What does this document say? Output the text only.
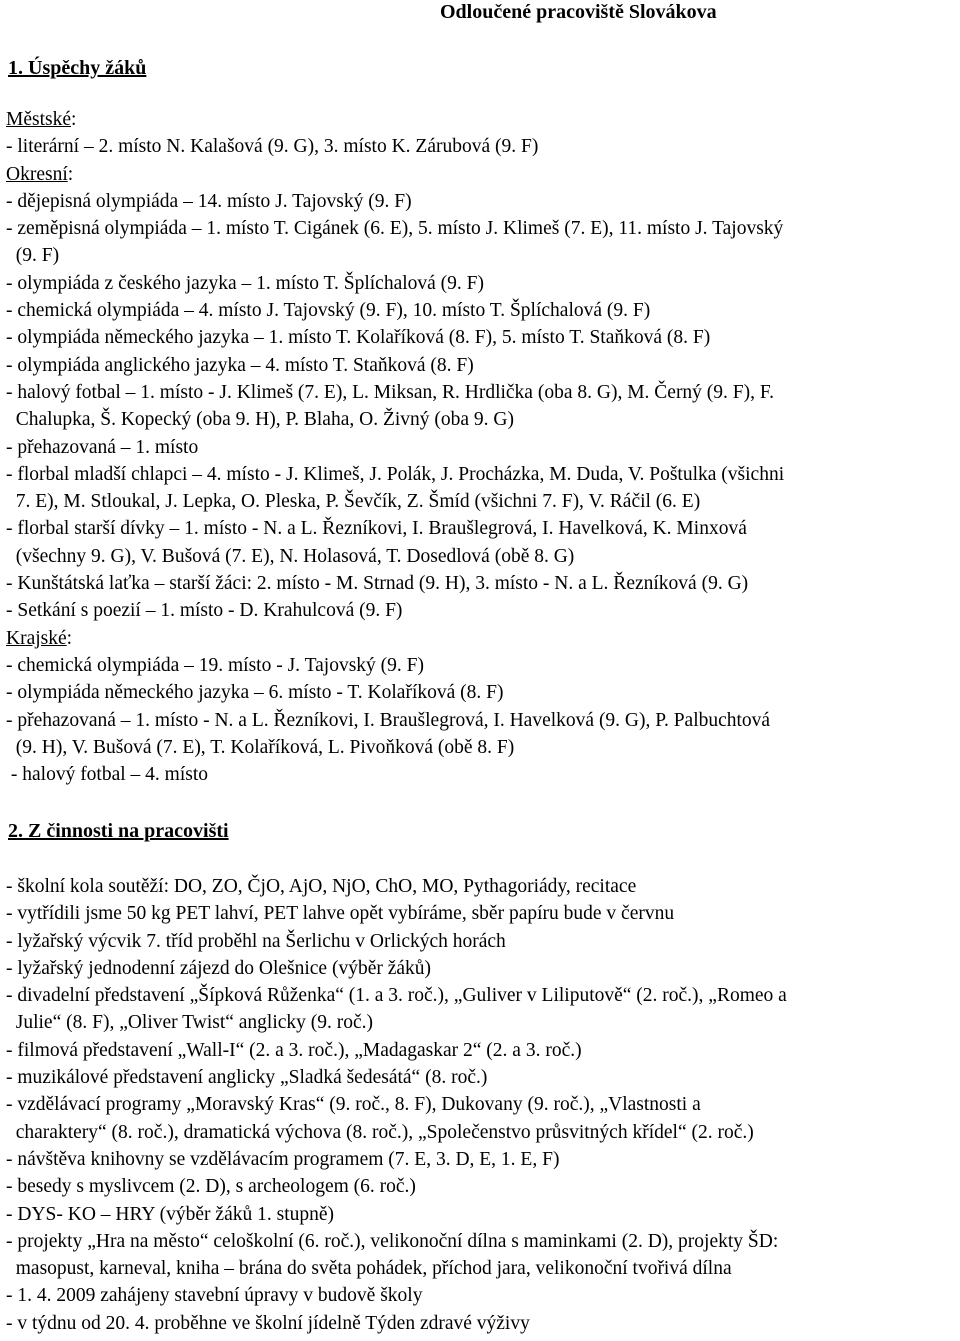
Odloučené pracoviště Slovákova
1. Úspěchy žáků
Městské:
- literární – 2. místo N. Kalašová (9. G), 3. místo K. Zárubová (9. F)
Okresní:
- dějepisná olympiáda – 14. místo J. Tajovský (9. F)
- zeměpisná olympiáda – 1. místo T. Cigánek (6. E), 5. místo J. Klimeš (7. E), 11. místo J. Tajovský
(9. F)
- olympiáda z českého jazyka – 1. místo T. Šplíchalová (9. F)
- chemická olympiáda – 4. místo J. Tajovský (9. F), 10. místo T. Šplíchalová (9. F)
- olympiáda německého jazyka – 1. místo T. Kolaříková (8. F), 5. místo T. Staňková (8. F)
- olympiáda anglického jazyka – 4. místo T. Staňková (8. F)
- halový fotbal – 1. místo - J. Klimeš (7. E), L. Miksan, R. Hrdlička (oba 8. G), M. Černý (9. F), F.
Chalupka, Š. Kopecký (oba 9. H), P. Blaha, O. Živný (oba 9. G)
- přehazovaná – 1. místo
- florbal mladší chlapci – 4. místo - J. Klimeš, J. Polák, J. Procházka, M. Duda, V. Poštulka (všichni
7. E), M. Stloukal, J. Lepka, O. Pleska, P. Ševčík, Z. Šmíd (všichni 7. F), V. Ráčil (6. E)
- florbal starší dívky – 1. místo - N. a L. Řezníkovi, I. Braušlegrová, I. Havelková, K. Minxová
(všechny 9. G), V. Bušová (7. E), N. Holasová, T. Dosedlová (obě 8. G)
- Kunštátská laťka – starší žáci: 2. místo - M. Strnad (9. H), 3. místo - N. a L. Řezníková (9. G)
- Setkání s poezií – 1. místo - D. Krahulcová (9. F)
Krajské:
- chemická olympiáda – 19. místo - J. Tajovský (9. F)
- olympiáda německého jazyka – 6. místo - T. Kolaříková (8. F)
- přehazovaná – 1. místo - N. a L. Řezníkovi, I. Braušlegrová, I. Havelková (9. G), P. Palbuchtová
(9. H), V. Bušová (7. E), T. Kolaříková, L. Pivoňková (obě 8. F)
- halový fotbal – 4. místo
2. Z činnosti na pracovišti
- školní kola soutěží: DO, ZO, ČjO, AjO, NjO, ChO, MO, Pythagoriády, recitace
- vytřídili jsme 50 kg PET lahví, PET lahve opět vybíráme, sběr papíru bude v červnu
- lyžařský výcvik 7. tříd proběhl na Šerlichu v Orlických horách
- lyžařský jednodenní zájezd do Olešnice (výběr žáků)
- divadelní představení „Šípková Růženka“ (1. a 3. roč.), „Guliver v Liliputově“ (2. roč.), „Romeo a
Julie“ (8. F), „Oliver Twist“ anglicky (9. roč.)
- filmová představení „Wall-I“ (2. a 3. roč.), „Madagaskar 2“ (2. a 3. roč.)
- muzikálové představení anglicky „Sladká šedesátá“ (8. roč.)
- vzdělávací programy „Moravský Kras“ (9. roč., 8. F), Dukovany (9. roč.), „Vlastnosti a
charaktery“ (8. roč.), dramatická výchova (8. roč.), „Společenstvo průsvitných křídel“ (2. roč.)
- návštěva knihovny se vzdělávacím programem (7. E, 3. D, E, 1. E, F)
- besedy s myslivcem (2. D), s archeologem (6. roč.)
- DYS- KO – HRY (výběr žáků 1. stupně)
- projekty „Hra na město“ celoškolní (6. roč.), velikonoční dílna s maminkami (2. D), projekty ŠD:
masopust, karneval, kniha – brána do světa pohádek, příchod jara, velikonoční tvořivá dílna
- 1. 4. 2009 zahájeny stavební úpravy v budově školy
- v týdnu od 20. 4. proběhne ve školní jídelně Týden zdravé výživy
